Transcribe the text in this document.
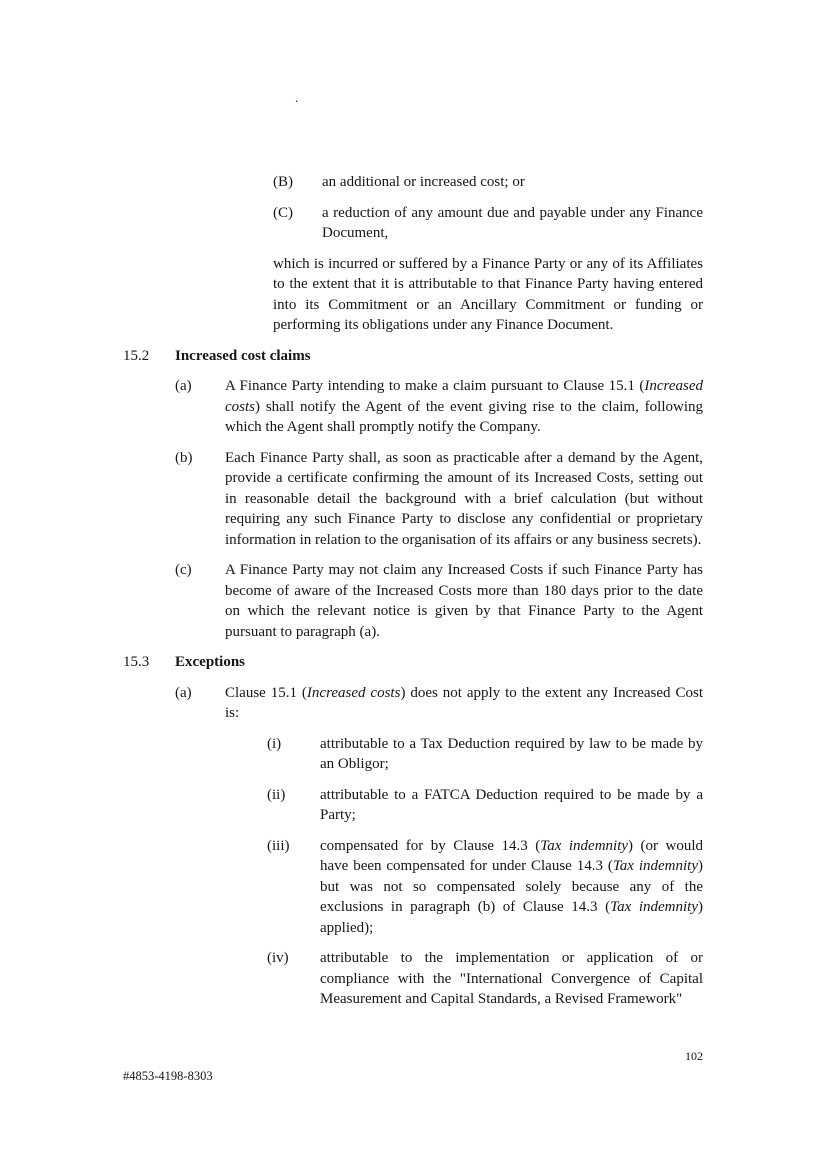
.
(B)	an additional or increased cost; or
(C)	a reduction of any amount due and payable under any Finance Document,
which is incurred or suffered by a Finance Party or any of its Affiliates to the extent that it is attributable to that Finance Party having entered into its Commitment or an Ancillary Commitment or funding or performing its obligations under any Finance Document.
15.2	Increased cost claims
(a)	A Finance Party intending to make a claim pursuant to Clause 15.1 (Increased costs) shall notify the Agent of the event giving rise to the claim, following which the Agent shall promptly notify the Company.
(b)	Each Finance Party shall, as soon as practicable after a demand by the Agent, provide a certificate confirming the amount of its Increased Costs, setting out in reasonable detail the background with a brief calculation (but without requiring any such Finance Party to disclose any confidential or proprietary information in relation to the organisation of its affairs or any business secrets).
(c)	A Finance Party may not claim any Increased Costs if such Finance Party has become of aware of the Increased Costs more than 180 days prior to the date on which the relevant notice is given by that Finance Party to the Agent pursuant to paragraph (a).
15.3	Exceptions
(a)	Clause 15.1 (Increased costs) does not apply to the extent any Increased Cost is:
(i)	attributable to a Tax Deduction required by law to be made by an Obligor;
(ii)	attributable to a FATCA Deduction required to be made by a Party;
(iii)	compensated for by Clause 14.3 (Tax indemnity) (or would have been compensated for under Clause 14.3 (Tax indemnity) but was not so compensated solely because any of the exclusions in paragraph (b) of Clause 14.3 (Tax indemnity) applied);
(iv)	attributable to the implementation or application of or compliance with the "International Convergence of Capital Measurement and Capital Standards, a Revised Framework"
102
#4853-4198-8303
